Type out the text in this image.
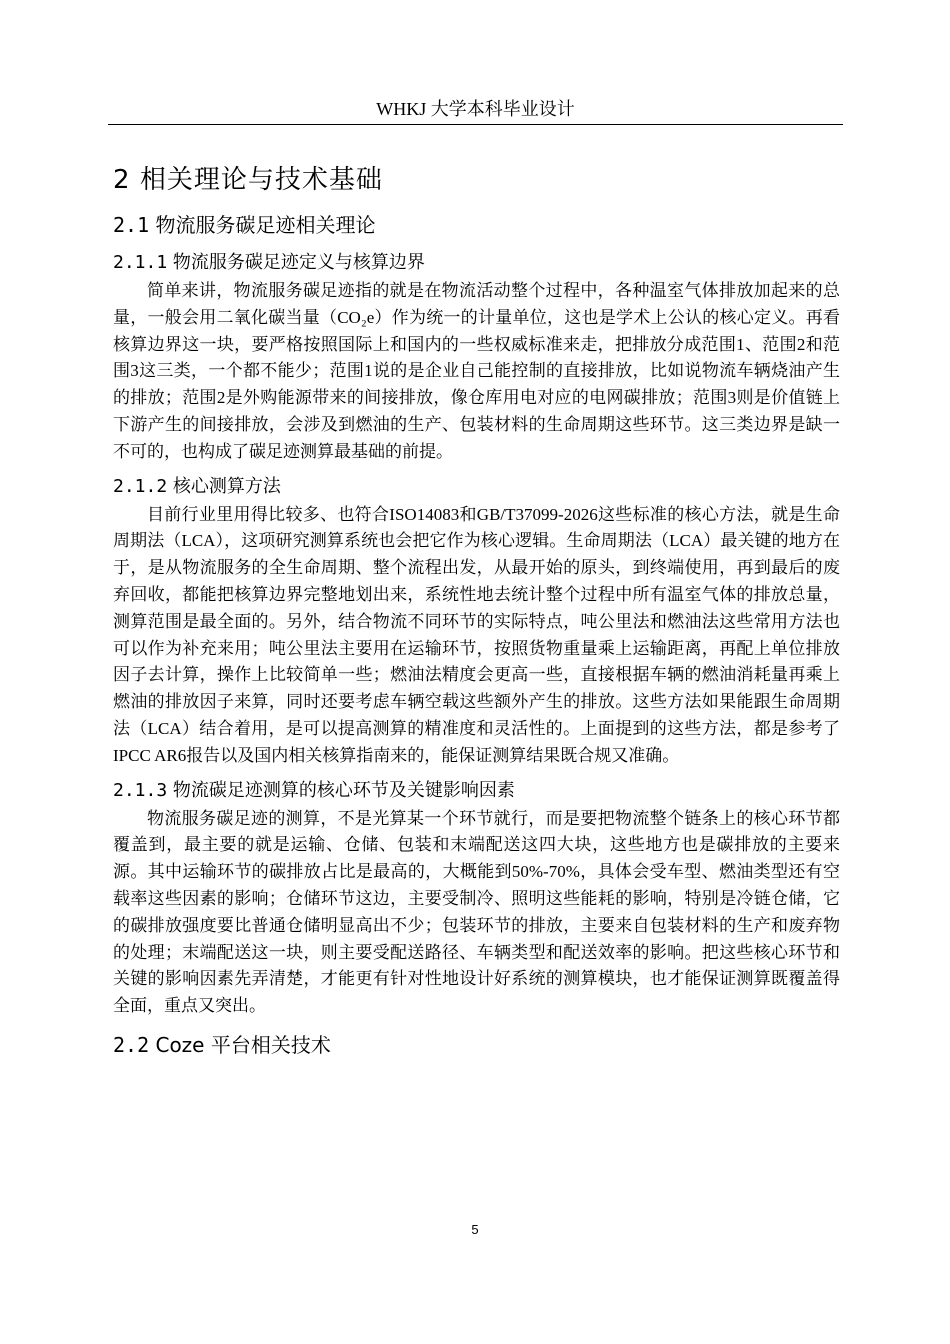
WHKJ 大学本科毕业设计
2 相关理论与技术基础
2.1 物流服务碳足迹相关理论
2.1.1 物流服务碳足迹定义与核算边界

简单来讲，物流服务碳足迹指的就是在物流活动整个过程中，各种温室气体排放加起来的总量，一般会用二氧化碳当量（CO₂e）作为统一的计量单位，这也是学术上公认的核心定义。再看核算边界这一块，要严格按照国际上和国内的一些权威标准来走，把排放分成范围1、范围2和范围3这三类，一个都不能少；范围1说的是企业自己能控制的直接排放，比如说物流车辆烧油产生的排放；范围2是外购能源带来的间接排放，像仓库用电对应的电网碳排放；范围3则是价值链上下游产生的间接排放，会涉及到燃油的生产、包装材料的生命周期这些环节。这三类边界是缺一不可的，也构成了碳足迹测算最基础的前提。

2.1.2 核心测算方法

目前行业里用得比较多、也符合ISO14083和GB/T37099-2026这些标准的核心方法，就是生命周期法（LCA），这项研究测算系统也会把它作为核心逻辑。生命周期法（LCA）最关键的地方在于，是从物流服务的全生命周期、整个流程出发，从最开始的原头，到终端使用，再到最后的废弃回收，都能把核算边界完整地划出来，系统性地去统计整个过程中所有温室气体的排放总量，测算范围是最全面的。另外，结合物流不同环节的实际特点，吨公里法和燃油法这些常用方法也可以作为补充来用；吨公里法主要用在运输环节，按照货物重量乘上运输距离，再配上单位排放因子去计算，操作上比较简单一些；燃油法精度会更高一些，直接根据车辆的燃油消耗量再乘上燃油的排放因子来算，同时还要考虑车辆空载这些额外产生的排放。这些方法如果能跟生命周期法（LCA）结合着用，是可以提高测算的精准度和灵活性的。上面提到的这些方法，都是参考了IPCC AR6报告以及国内相关核算指南来的，能保证测算结果既合规又准确。

2.1.3 物流碳足迹测算的核心环节及关键影响因素

物流服务碳足迹的测算，不是光算某一个环节就行，而是要把物流整个链条上的核心环节都覆盖到，最主要的就是运输、仓储、包装和末端配送这四大块，这些地方也是碳排放的主要来源。其中运输环节的碳排放占比是最高的，大概能到50%-70%，具体会受车型、燃油类型还有空载率这些因素的影响；仓储环节这边，主要受制冷、照明这些能耗的影响，特别是冷链仓储，它的碳排放强度要比普通仓储明显高出不少；包装环节的排放，主要来自包装材料的生产和废弃物的处理；末端配送这一块，则主要受配送路径、车辆类型和配送效率的影响。把这些核心环节和关键的影响因素先弄清楚，才能更有针对性地设计好系统的测算模块，也才能保证测算既覆盖得全面，重点又突出。

2.2 Coze 平台相关技术
5
